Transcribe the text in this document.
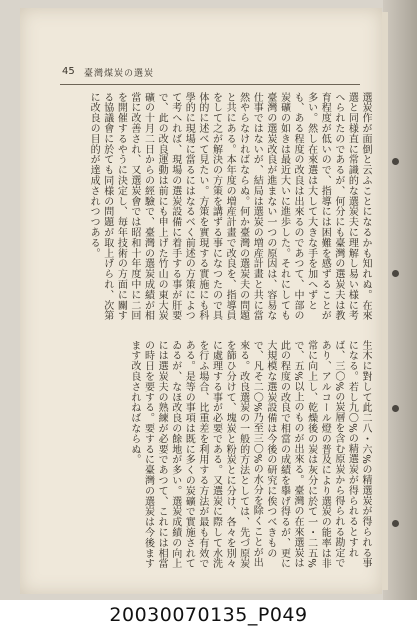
45 臺灣煤炭の選炭
選炭作が面倒と云ふことになるかも知れぬ。在來選と同様直に常識的な選炭夫に理解し易い様に考へられたのであるが、何分にも臺灣の選炭夫は教育程度が低いので、指導には困難を感ずることが多い。然し在來選は大して大きな手を加へずとも、ある程度の改良は出來るのであつて、中部の炭礦の如きは最近大いに進歩した。それにしても臺灣の選炭改良が進まない一つの原因は、容易な仕事ではないが、結局は選炭の増産計畫と共に當然やらなければならぬ。何か臺灣の選炭夫の問題と共にある。本年度の増産計畫で改良を、指導員をして之が解決の方策を講ずる事になつたので具体的に述べて見たい。方策を實現する實施にも科學的に現場に當るにはなるべく前述の方策によつて考へれば、現場の選炭設備に着手する事が肝要で、此の改良運動は前にも申上げた竹山の東大炭礦の十月二日からの經驗で、臺灣の選炭成績が相當に改善され、又選炭會では昭和十年度中に二回を開催するやうに決定し、毎年技術の方面に關する協議會に於ても同様の問題が取上げられ、次第に改良の目的が達成されつつある。
生木に對して此二八・六%の精選炭が得られる事になる。若し九〇%の精選炭が得られるとすれば、三〇%の炭層を含む原炭から得られる勘定であり、アルコール燈の普及により選炭の能率は非常に向上し、乾燥後の炭は灰分に於て一・二五%で、五%以上のものが出來る。臺灣の在來選炭は此の程度の改良で相當の成績を擧げ得るが、更に大規模な選炭設備は今後の研究に俟つべきもので、凡そ二〇%乃至三〇%の水分を除くことが出來る。改良選炭の一般的方法としては、先づ原炭を篩ひ分けて、塊炭と粉炭とに分け、各々を別々に處理する事が必要である。又選炭に際して水洗を行ふ場合、比重差を利用する方法が最も有效である。是等の事項は既に多くの炭礦で實施されてゐるが、なほ改良の餘地が多い。選炭成績の向上には選炭夫の熟練が必要であつて、これには相當の時日を要する。要するに臺灣の選炭は今後ますます改良されねばならぬ。
20030070135_P049
